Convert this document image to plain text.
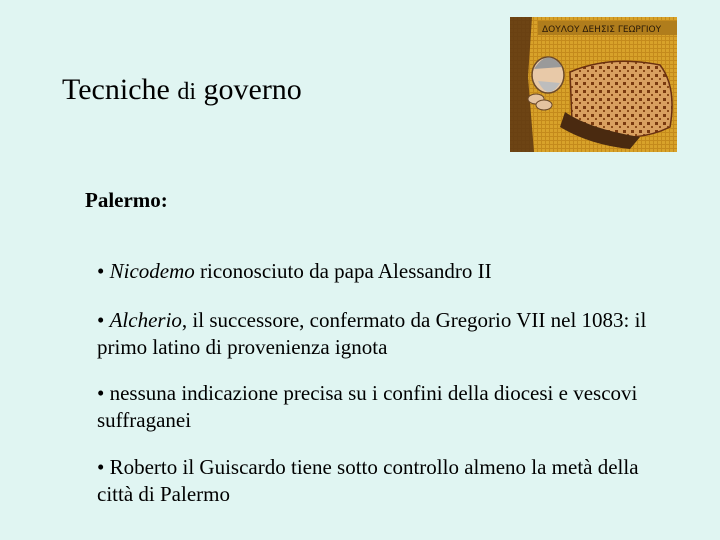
Tecniche di governo
ΔΟΥΛΟΥ ΔΕΗΣΙΣ ΓΕΩΡΓΙΟΥ
Palermo:
• Nicodemo riconosciuto da papa Alessandro II
• Alcherio, il successore, confermato da Gregorio VII nel 1083: il primo latino di provenienza ignota
• nessuna indicazione precisa su i confini della diocesi e vescovi suffraganei
• Roberto il Guiscardo tiene sotto controllo almeno la metà della città di Palermo
